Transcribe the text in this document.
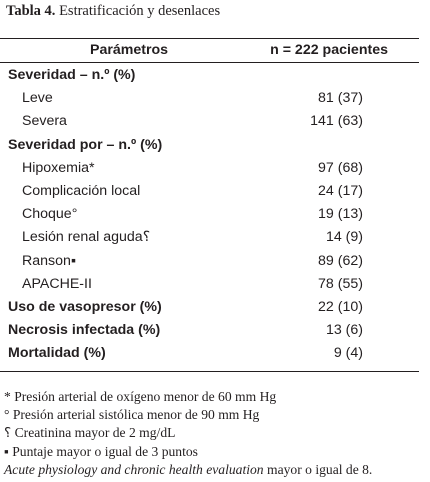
Tabla 4. Estratificación y desenlaces
Parámetros	n = 222 pacientes
Severidad – n.º (%)
Leve	81 (37)
Severa	141 (63)
Severidad por – n.º (%)
Hipoxemia*	97 (68)
Complicación local	24 (17)
Choque°	19 (13)
Lesión renal aguda⸮	14 (9)
Ranson▪	89 (62)
APACHE-II	78 (55)
Uso de vasopresor (%)	22 (10)
Necrosis infectada (%)	13 (6)
Mortalidad (%)	9 (4)
* Presión arterial de oxígeno menor de 60 mm Hg
° Presión arterial sistólica menor de 90 mm Hg
⸮ Creatinina mayor de 2 mg/dL
▪ Puntaje mayor o igual de 3 puntos
Acute physiology and chronic health evaluation mayor o igual de 8.
